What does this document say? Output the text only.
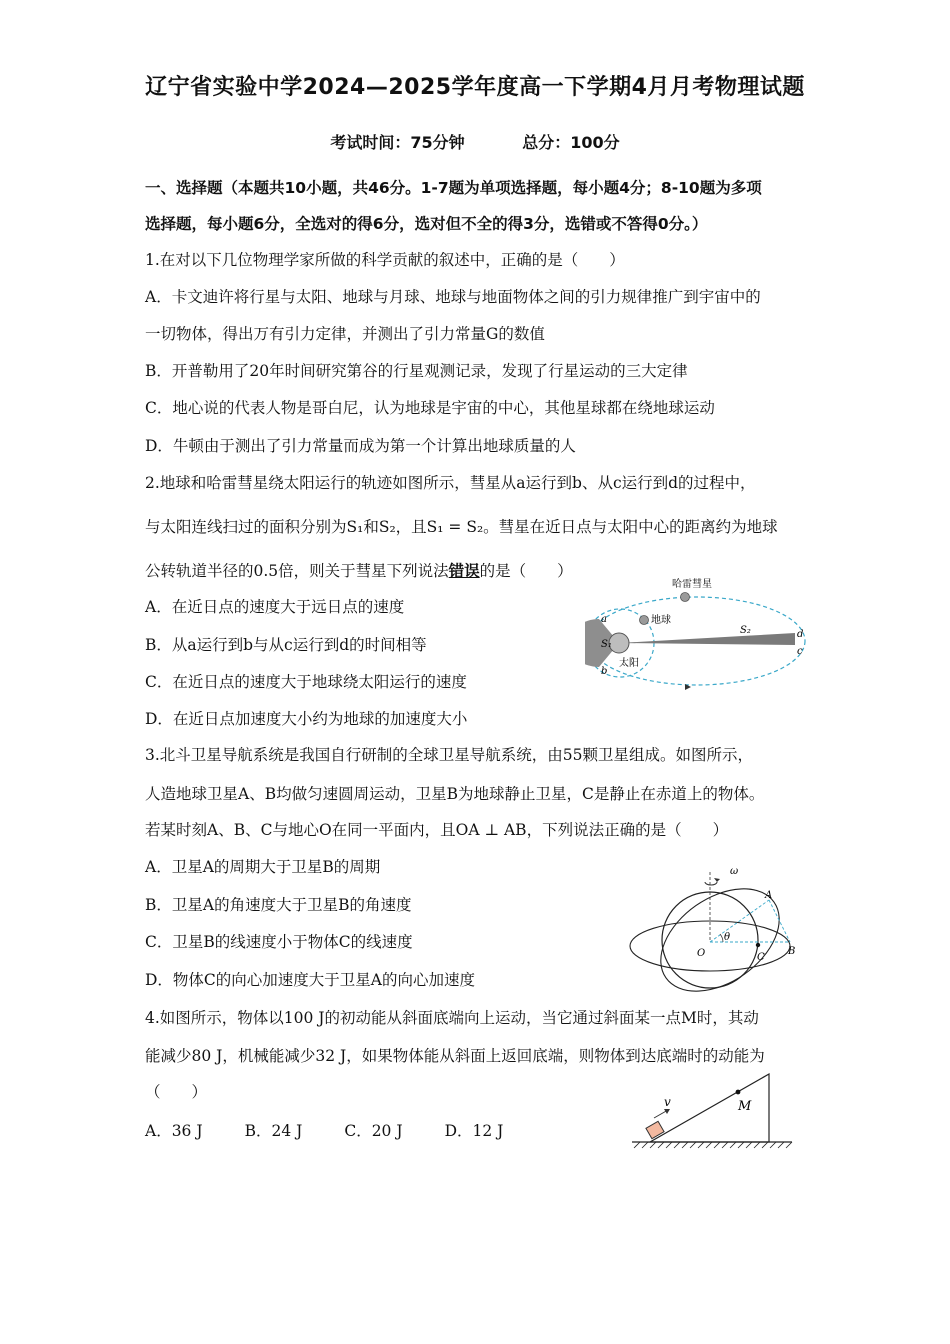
辽宁省实验中学2024—2025学年度高一下学期4月月考物理试题
考试时间：75分钟	总分：100分
一、选择题（本题共10小题，共46分。1-7题为单项选择题，每小题4分；8-10题为多项
选择题，每小题6分，全选对的得6分，选对但不全的得3分，选错或不答得0分。）
1.在对以下几位物理学家所做的科学贡献的叙述中，正确的是（　　）
A．卡文迪许将行星与太阳、地球与月球、地球与地面物体之间的引力规律推广到宇宙中的
一切物体，得出万有引力定律，并测出了引力常量G的数值
B．开普勒用了20年时间研究第谷的行星观测记录，发现了行星运动的三大定律
C．地心说的代表人物是哥白尼，认为地球是宇宙的中心，其他星球都在绕地球运动
D．牛顿由于测出了引力常量而成为第一个计算出地球质量的人
2.地球和哈雷彗星绕太阳运行的轨迹如图所示，彗星从a运行到b、从c运行到d的过程中，
与太阳连线扫过的面积分别为S₁和S₂，且S₁ = S₂。彗星在近日点与太阳中心的距离约为地球
公转轨道半径的0.5倍，则关于彗星下列说法错误的是（　　）
A．在近日点的速度大于远日点的速度
B．从a运行到b与从c运行到d的时间相等
C．在近日点的速度大于地球绕太阳运行的速度
D．在近日点加速度大小约为地球的加速度大小
哈雷彗星
地球
太阳
S₁
S₂
a
b
c
d
3.北斗卫星导航系统是我国自行研制的全球卫星导航系统，由55颗卫星组成。如图所示，
人造地球卫星A、B均做匀速圆周运动，卫星B为地球静止卫星，C是静止在赤道上的物体。
若某时刻A、B、C与地心O在同一平面内，且OA ⊥ AB，下列说法正确的是（　　）
A．卫星A的周期大于卫星B的周期
B．卫星A的角速度大于卫星B的角速度
C．卫星B的线速度小于物体C的线速度
D．物体C的向心加速度大于卫星A的向心加速度
ω
A
B
C
O
θ
4.如图所示，物体以100 J的初动能从斜面底端向上运动，当它通过斜面某一点M时，其动
能减少80 J，机械能减少32 J，如果物体能从斜面上返回底端，则物体到达底端时的动能为
（　　）
A．36 J	B．24 J	C．20 J	D．12 J
v	M
